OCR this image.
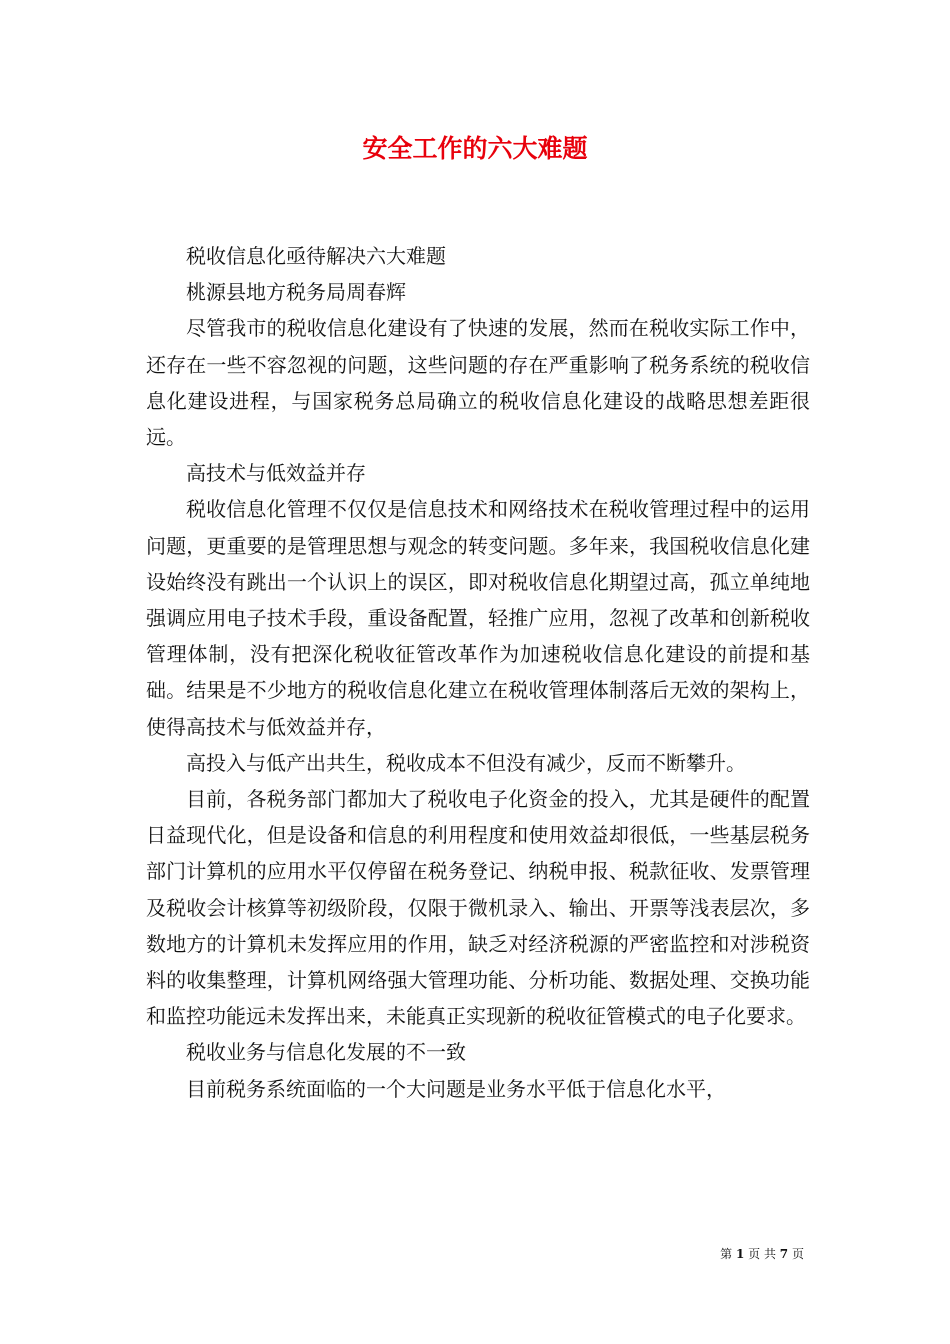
安全工作的六大难题

税收信息化亟待解决六大难题

桃源县地方税务局周春辉

尽管我市的税收信息化建设有了快速的发展，然而在税收实际工作中，还存在一些不容忽视的问题，这些问题的存在严重影响了税务系统的税收信息化建设进程，与国家税务总局确立的税收信息化建设的战略思想差距很远。

高技术与低效益并存

税收信息化管理不仅仅是信息技术和网络技术在税收管理过程中的运用问题，更重要的是管理思想与观念的转变问题。多年来，我国税收信息化建设始终没有跳出一个认识上的误区，即对税收信息化期望过高，孤立单纯地强调应用电子技术手段，重设备配置，轻推广应用，忽视了改革和创新税收管理体制，没有把深化税收征管改革作为加速税收信息化建设的前提和基础。结果是不少地方的税收信息化建立在税收管理体制落后无效的架构上，使得高技术与低效益并存，

高投入与低产出共生，税收成本不但没有减少，反而不断攀升。

目前，各税务部门都加大了税收电子化资金的投入，尤其是硬件的配置日益现代化，但是设备和信息的利用程度和使用效益却很低，一些基层税务部门计算机的应用水平仅停留在税务登记、纳税申报、税款征收、发票管理及税收会计核算等初级阶段，仅限于微机录入、输出、开票等浅表层次，多数地方的计算机未发挥应用的作用，缺乏对经济税源的严密监控和对涉税资料的收集整理，计算机网络强大管理功能、分析功能、数据处理、交换功能和监控功能远未发挥出来，未能真正实现新的税收征管模式的电子化要求。

税收业务与信息化发展的不一致

目前税务系统面临的一个大问题是业务水平低于信息化水平，

第 1 页 共 7 页
